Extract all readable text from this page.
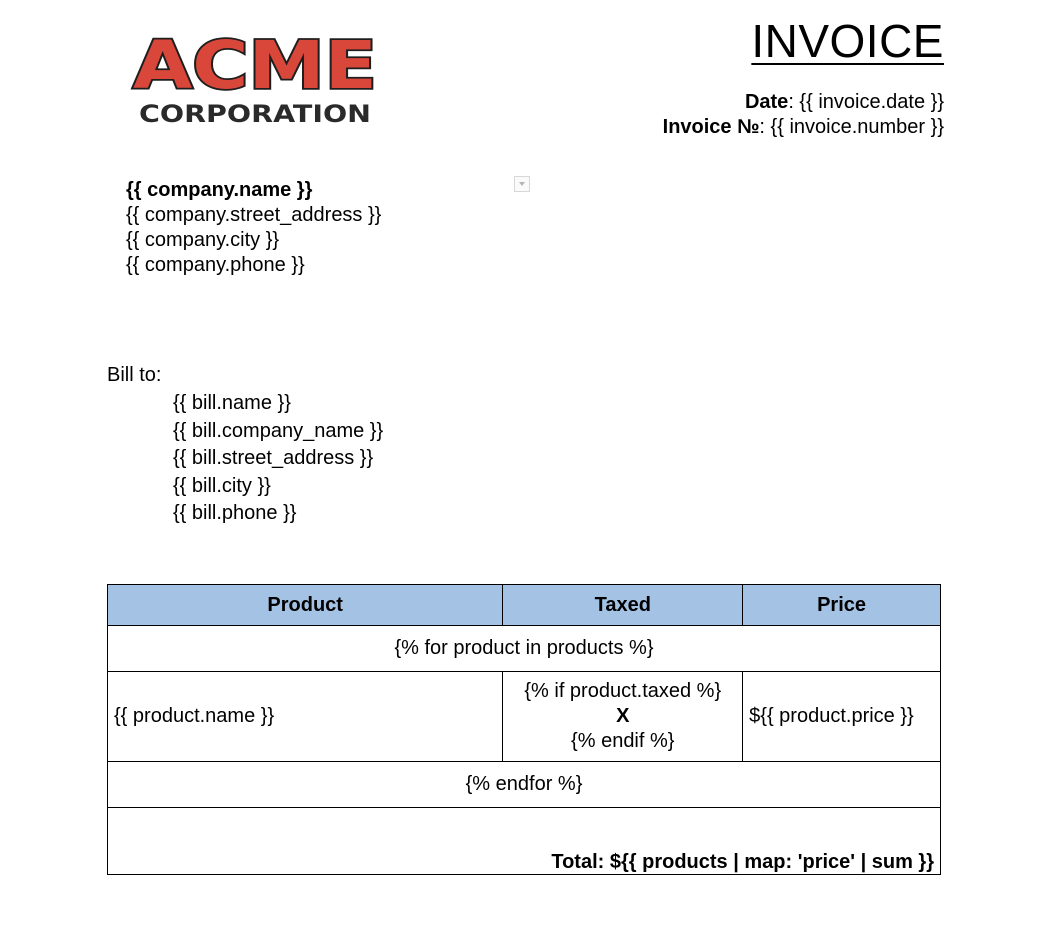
ACME
CORPORATION
INVOICE
Date: {{ invoice.date }}
Invoice №: {{ invoice.number }}
{{ company.name }}
{{ company.street_address }}
{{ company.city }}
{{ company.phone }}
Bill to:
{{ bill.name }}
{{ bill.company_name }}
{{ bill.street_address }}
{{ bill.city }}
{{ bill.phone }}
Product	Taxed	Price
{% for product in products %}		
{{ product.name }}	{% if product.taxed %}
X
{% endif %}	${{ product.price }}
{% endfor %}		
Total: ${{ products | map: 'price' | sum }}		
